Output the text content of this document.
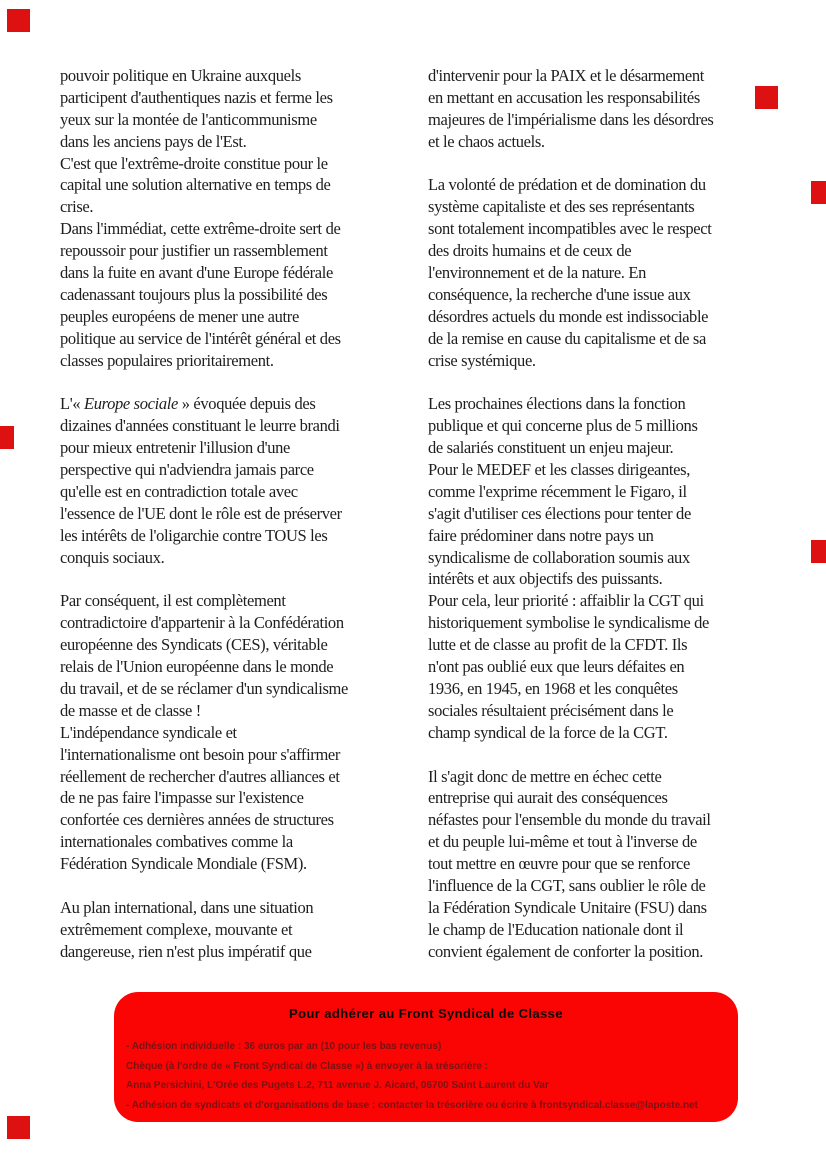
pouvoir politique en Ukraine auxquels
participent d'authentiques nazis et ferme les
yeux sur la montée de l'anticommunisme
dans les anciens pays de l'Est.
C'est que l'extrême-droite constitue pour le
capital une solution alternative en temps de
crise.
Dans l'immédiat, cette extrême-droite sert de
repoussoir pour justifier un rassemblement
dans la fuite en avant d'une Europe fédérale
cadenassant toujours plus la possibilité des
peuples européens de mener une autre
politique au service de l'intérêt général et des
classes populaires prioritairement.
L'« Europe sociale » évoquée depuis des
dizaines d'années constituant le leurre brandi
pour mieux entretenir l'illusion d'une
perspective qui n'adviendra jamais parce
qu'elle est en contradiction totale avec
l'essence de l'UE dont le rôle est de préserver
les intérêts de l'oligarchie contre TOUS les
conquis sociaux.
Par conséquent, il est complètement
contradictoire d'appartenir à la Confédération
européenne des Syndicats (CES), véritable
relais de l'Union européenne dans le monde
du travail, et de se réclamer d'un syndicalisme
de masse et de classe !
L'indépendance syndicale et
l'internationalisme ont besoin pour s'affirmer
réellement de rechercher d'autres alliances et
de ne pas faire l'impasse sur l'existence
confortée ces dernières années de structures
internationales combatives comme la
Fédération Syndicale Mondiale (FSM).
Au plan international, dans une situation
extrêmement complexe, mouvante et
dangereuse, rien n'est plus impératif que
d'intervenir pour la PAIX et le désarmement
en mettant en accusation les responsabilités
majeures de l'impérialisme dans les désordres
et le chaos actuels.
La volonté de prédation et de domination du
système capitaliste et des ses représentants
sont totalement incompatibles avec le respect
des droits humains et de ceux de
l'environnement et de la nature. En
conséquence, la recherche d'une issue aux
désordres actuels du monde est indissociable
de la remise en cause du capitalisme et de sa
crise systémique.
Les prochaines élections dans la fonction
publique et qui concerne plus de 5 millions
de salariés constituent un enjeu majeur.
Pour le MEDEF et les classes dirigeantes,
comme l'exprime récemment le Figaro, il
s'agit d'utiliser ces élections pour tenter de
faire prédominer dans notre pays un
syndicalisme de collaboration soumis aux
intérêts et aux objectifs des puissants.
Pour cela, leur priorité : affaiblir la CGT qui
historiquement symbolise le syndicalisme de
lutte et de classe au profit de la CFDT. Ils
n'ont pas oublié eux que leurs défaites en
1936, en 1945, en 1968 et les conquêtes
sociales résultaient précisément dans le
champ syndical de la force de la CGT.
Il s'agit donc de mettre en échec cette
entreprise qui aurait des conséquences
néfastes pour l'ensemble du monde du travail
et du peuple lui-même et tout à l'inverse de
tout mettre en œuvre pour que se renforce
l'influence de la CGT, sans oublier le rôle de
la Fédération Syndicale Unitaire (FSU) dans
le champ de l'Education nationale dont il
convient également de conforter la position.
Pour adhérer au Front Syndical de Classe
- Adhésion individuelle : 36 euros par an (10 pour les bas revenus)
Chèque (à l'ordre de « Front Syndical de Classe ») à envoyer à la trésorière :
Anna Persichini, L'Orée des Pugets L.2, 711 avenue J. Aicard, 06700 Saint Laurent du Var
- Adhésion de syndicats et d'organisations de base : contacter la trésorière ou écrire à frontsyndical.classe@laposte.net
